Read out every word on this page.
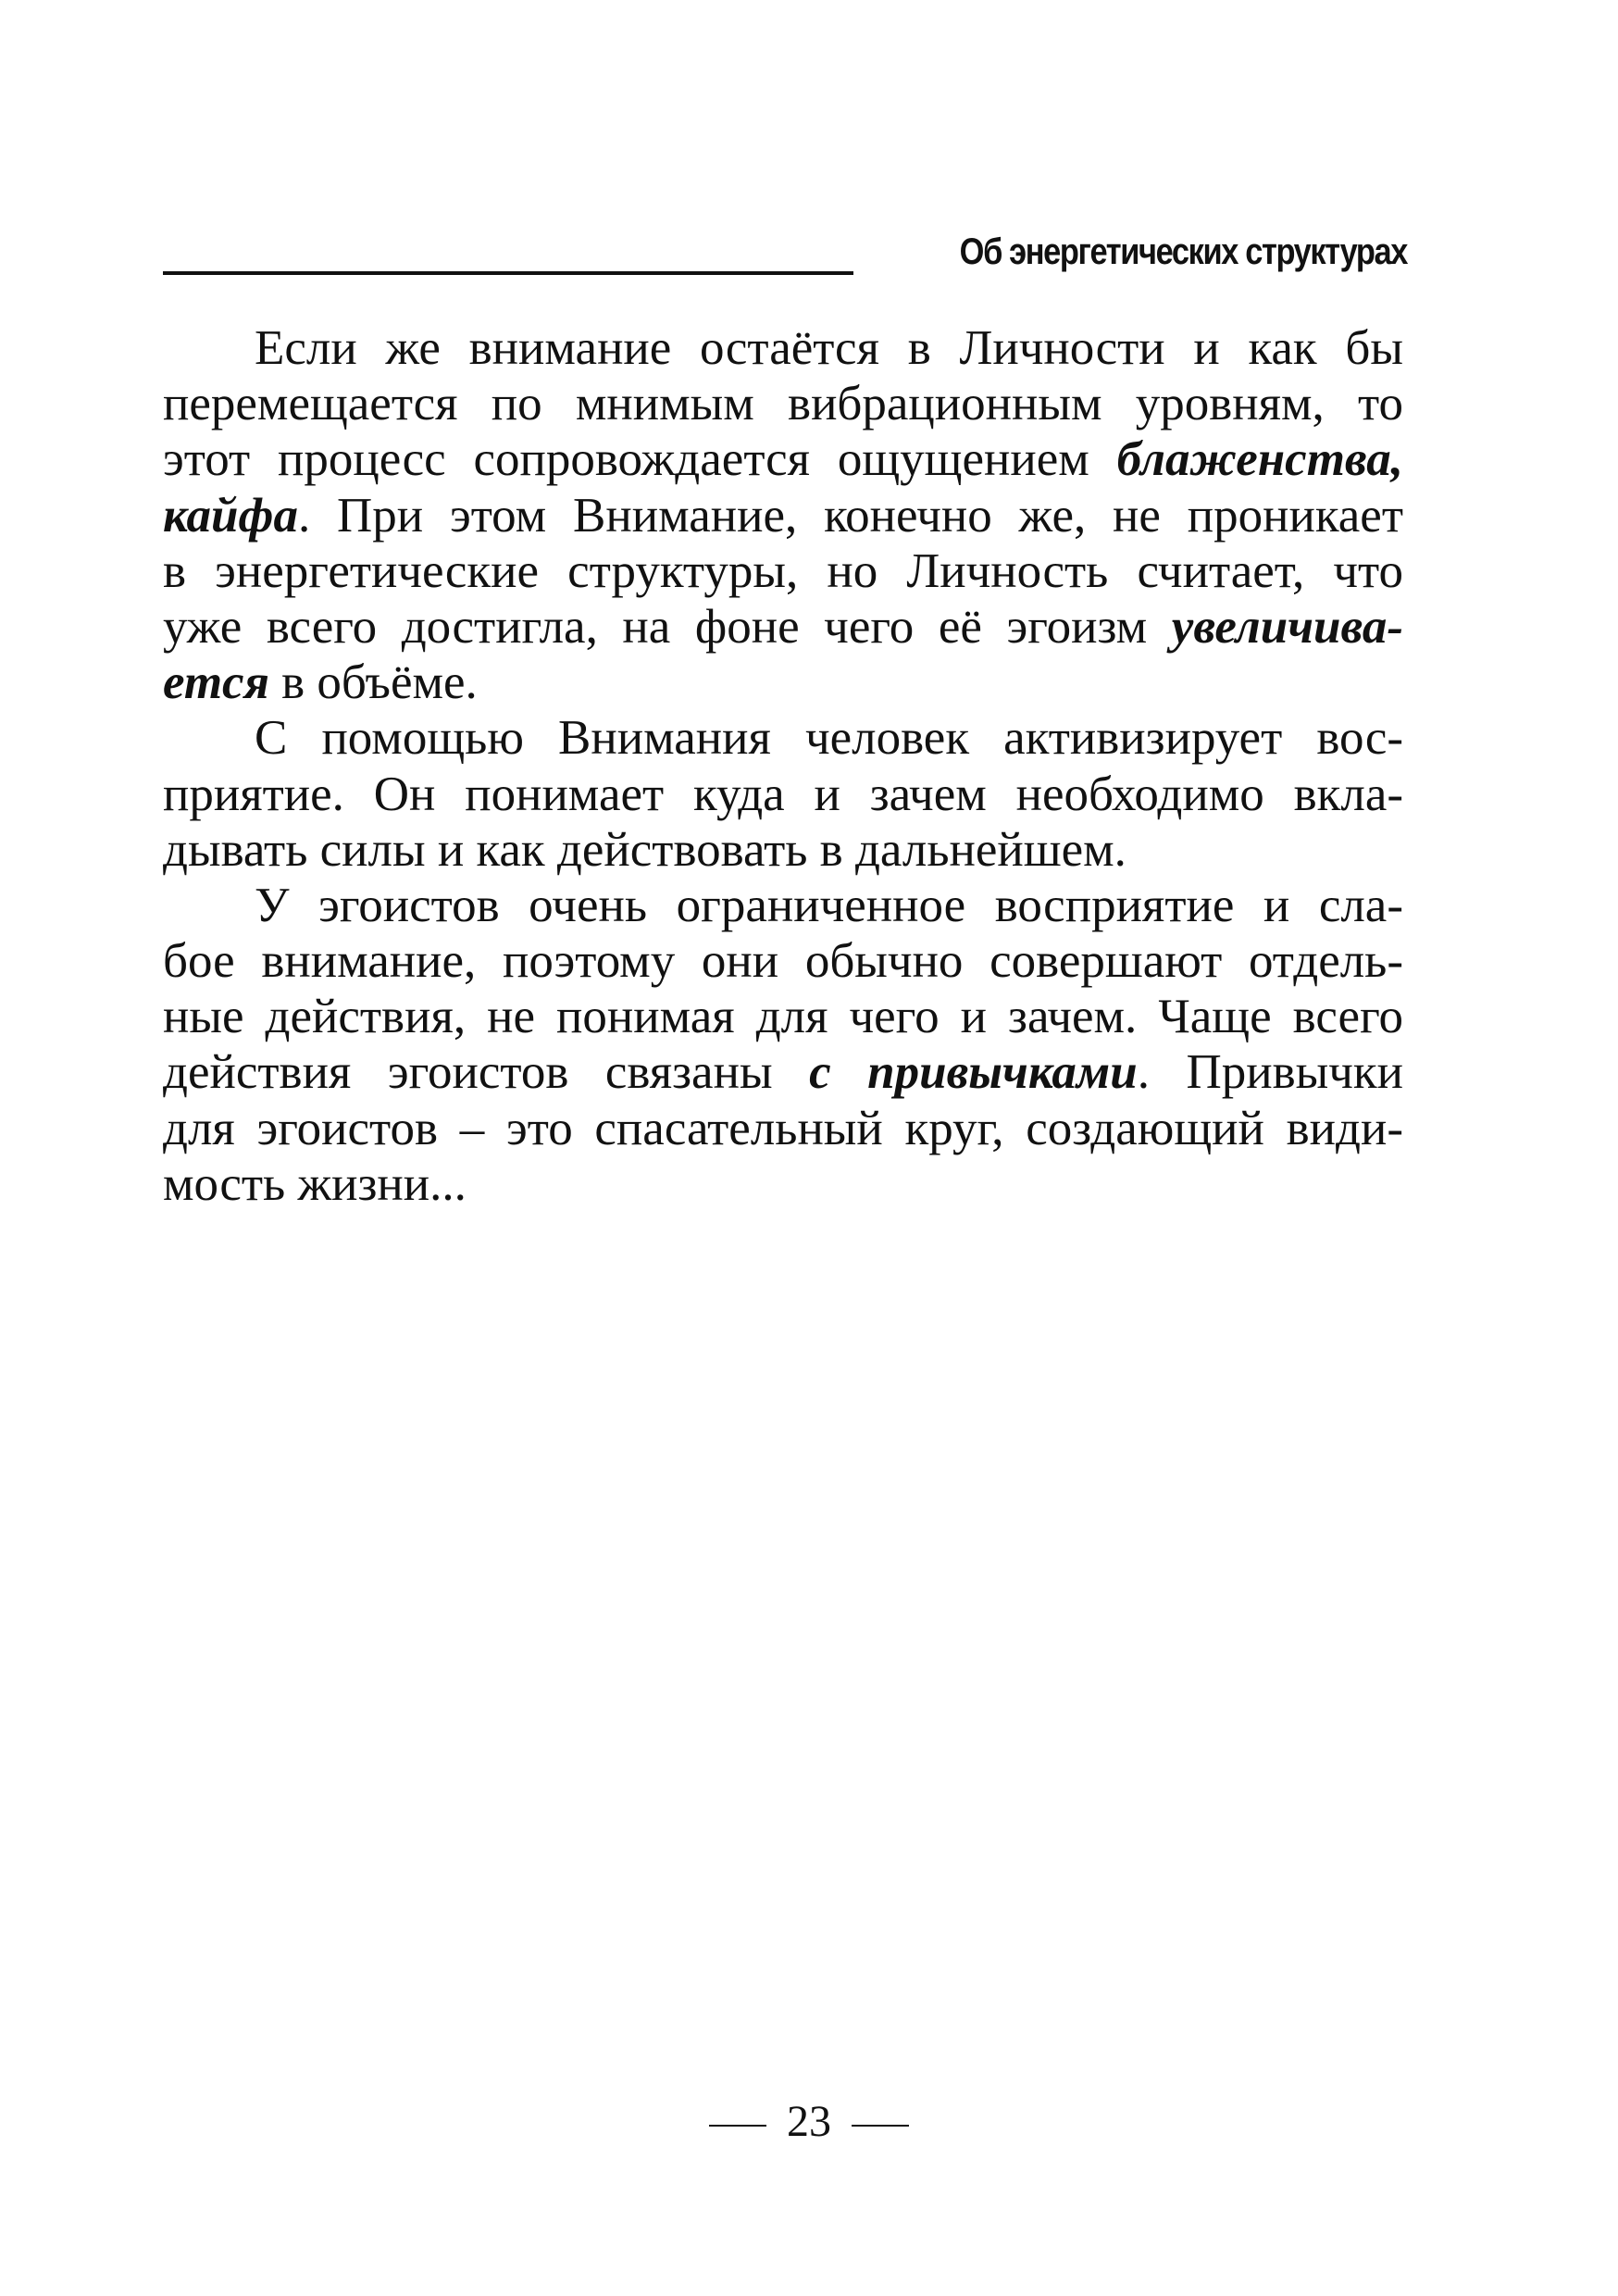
Об энергетических структурах
Если же внимание остаётся в Личности и как бы
перемещается по мнимым вибрационным уровням, то
этот процесс сопровождается ощущением блаженства,
кайфа. При этом Внимание, конечно же, не проникает
в энергетические структуры, но Личность считает, что
уже всего достигла, на фоне чего её эгоизм увеличива-
ется в объёме.
С помощью Внимания человек активизирует вос-
приятие. Он понимает куда и зачем необходимо вкла-
дывать силы и как действовать в дальнейшем.
У эгоистов очень ограниченное восприятие и сла-
бое внимание, поэтому они обычно совершают отдель-
ные действия, не понимая для чего и зачем. Чаще всего
действия эгоистов связаны с привычками. Привычки
для эгоистов – это спасательный круг, создающий види-
мость жизни...
23
